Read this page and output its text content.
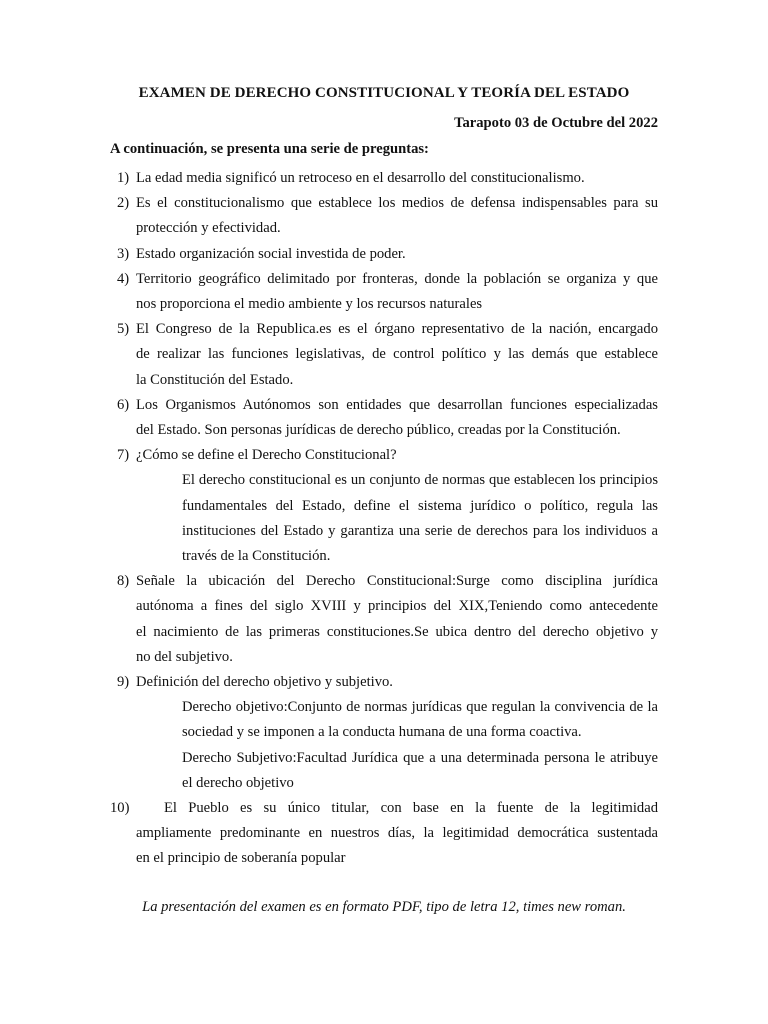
EXAMEN DE DERECHO CONSTITUCIONAL Y TEORÍA DEL ESTADO
Tarapoto 03 de Octubre del 2022
A continuación, se presenta una serie de preguntas:
1) La edad media significó un retroceso en el desarrollo del constitucionalismo.
2) Es el constitucionalismo que establece los medios de defensa indispensables para su
protección y efectividad.
3) Estado organización social investida de poder.
4) Territorio geográfico delimitado por fronteras, donde la población se organiza y que
nos proporciona el medio ambiente y los recursos naturales
5) El Congreso de la Republica.es es el órgano representativo de la nación, encargado
de realizar las funciones legislativas, de control político y las demás que establece
la Constitución del Estado.
6) Los Organismos Autónomos son entidades que desarrollan funciones especializadas
del Estado. Son personas jurídicas de derecho público, creadas por la Constitución.
7) ¿Cómo se define el Derecho Constitucional?
El derecho constitucional es un conjunto de normas que establecen los principios
fundamentales del Estado, define el sistema jurídico o político, regula las
instituciones del Estado y garantiza una serie de derechos para los individuos a
través de la Constitución.
8) Señale la ubicación del Derecho Constitucional:Surge como disciplina jurídica
autónoma a fines del siglo XVIII y principios del XIX,Teniendo como antecedente
el nacimiento de las primeras constituciones.Se ubica dentro del derecho objetivo y
no del subjetivo.
9) Definición del derecho objetivo y subjetivo.
Derecho objetivo:Conjunto de normas jurídicas que regulan la convivencia de la
sociedad y se imponen a la conducta humana de una forma coactiva.
Derecho Subjetivo:Facultad Jurídica que a una determinada persona le atribuye
el derecho objetivo
10)	El Pueblo es su único titular, con base en la fuente de la legitimidad
ampliamente predominante en nuestros días, la legitimidad democrática sustentada
en el principio de soberanía popular
La presentación del examen es en formato PDF, tipo de letra 12, times new roman.
